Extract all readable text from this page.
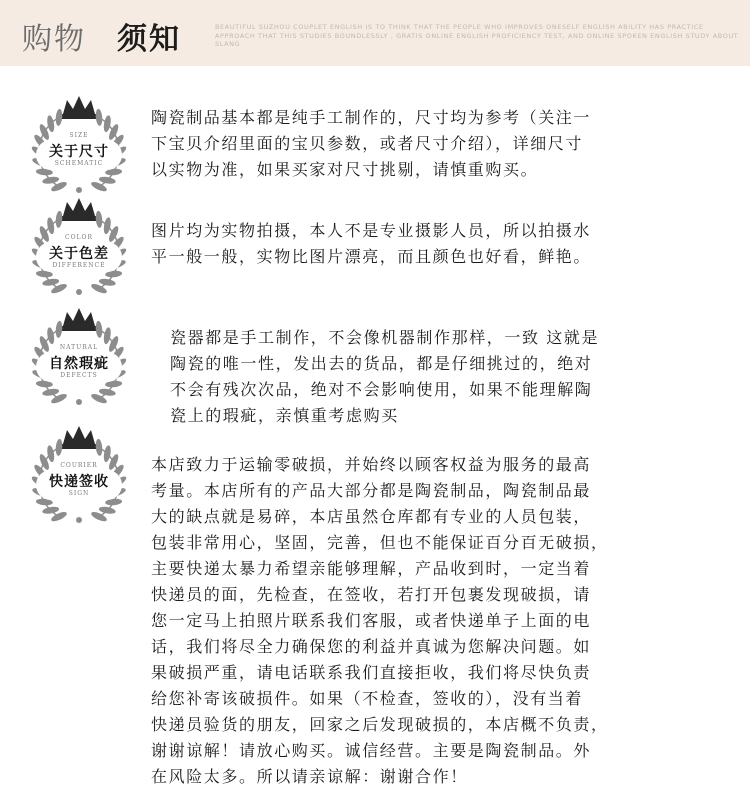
购物 须知	BEAUTIFUL SUZHOU COUPLET ENGLISH IS TO THINK THAT THE PEOPLE WHO IMPROVES ONESELF ENGLISH ABILITY HAS PRACTICE APPROACH THAT THIS STUDIES BOUNDLESSLY , GRATIS ONLINE ENGLISH PROFICIENCY TEST, AND ONLINE SPOKEN ENGLISH STUDY ABOUT SLANG
SIZE
关于尺寸
SCHEMATIC

陶瓷制品基本都是纯手工制作的，尺寸均为参考（关注一

下宝贝介绍里面的宝贝参数，或者尺寸介绍），详细尺寸

以实物为准，如果买家对尺寸挑剔，请慎重购买。

COLOR
关于色差
DIFFERENCE

图片均为实物拍摄，本人不是专业摄影人员，所以拍摄水

平一般一般，实物比图片漂亮，而且颜色也好看，鲜艳。

NATURAL
自然瑕疵
DEFECTS

瓷器都是手工制作，不会像机器制作那样，一致 这就是

陶瓷的唯一性，发出去的货品，都是仔细挑过的，绝对

不会有残次次品，绝对不会影响使用，如果不能理解陶

瓷上的瑕疵，亲慎重考虑购买

COURIER
快递签收
SIGN

本店致力于运输零破损，并始终以顾客权益为服务的最高

考量。本店所有的产品大部分都是陶瓷制品，陶瓷制品最

大的缺点就是易碎，本店虽然仓库都有专业的人员包装，

包装非常用心，坚固，完善，但也不能保证百分百无破损，

主要快递太暴力希望亲能够理解，产品收到时，一定当着

快递员的面，先检查，在签收，若打开包裹发现破损，请

您一定马上拍照片联系我们客服，或者快递单子上面的电

话，我们将尽全力确保您的利益并真诚为您解决问题。如

果破损严重，请电话联系我们直接拒收，我们将尽快负责

给您补寄该破损件。如果（不检查，签收的），没有当着

快递员验货的朋友，回家之后发现破损的，本店概不负责，

谢谢谅解！请放心购买。诚信经营。主要是陶瓷制品。外

在风险太多。所以请亲谅解：谢谢合作！
